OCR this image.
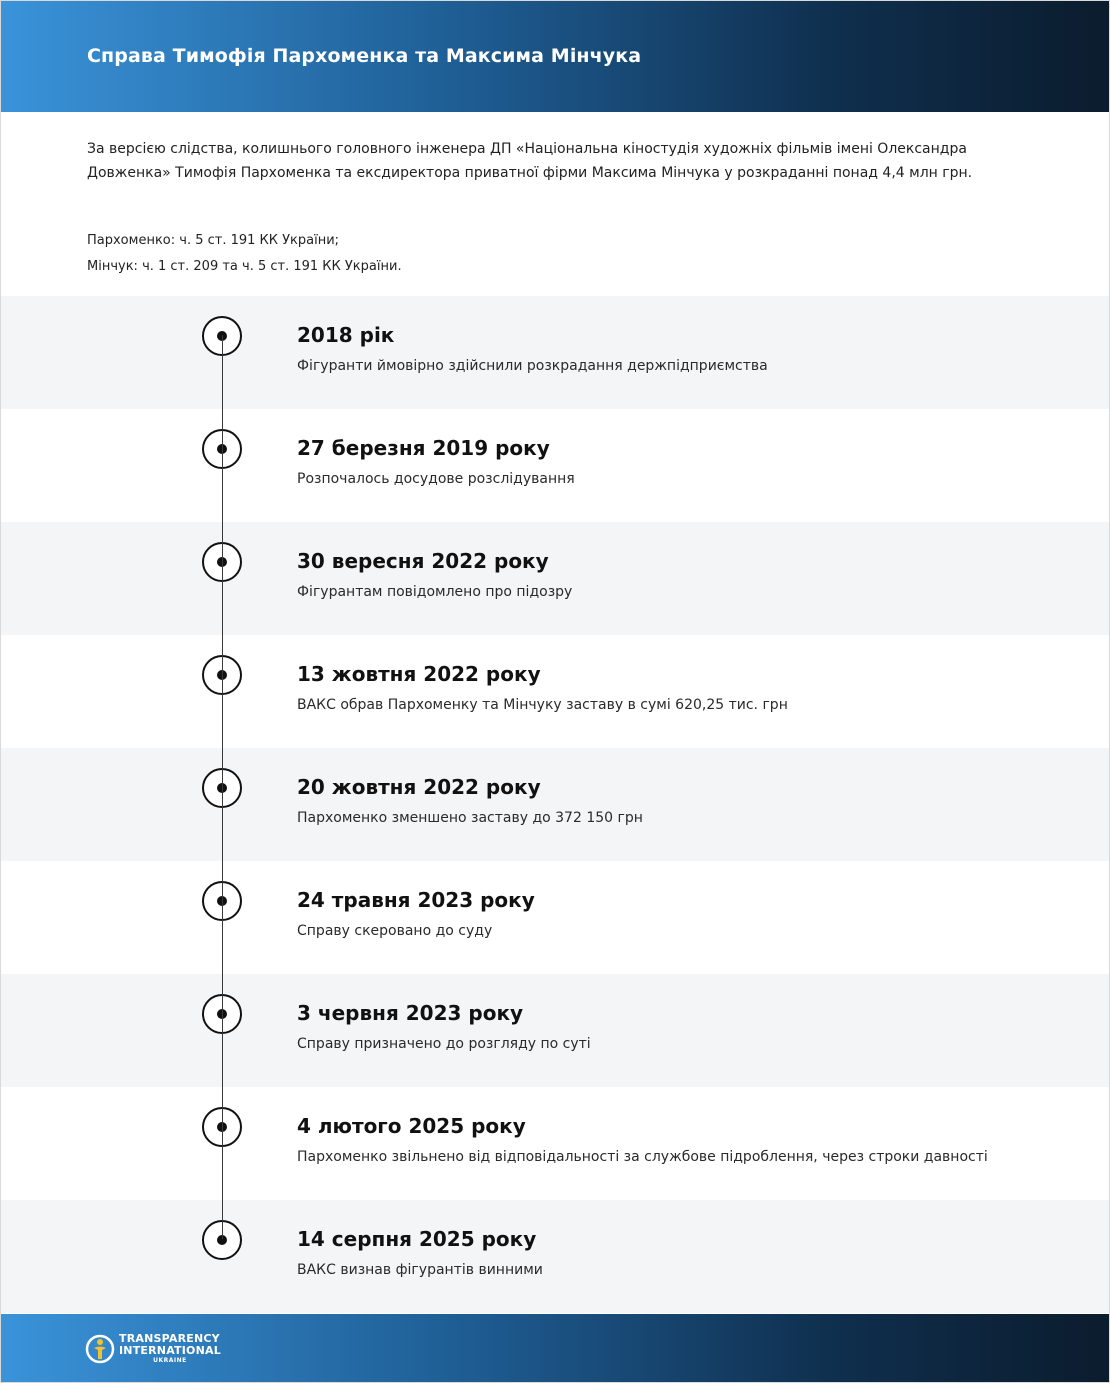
Справа Тимофія Пархоменка та Максима Мінчука
За версією слідства, колишнього головного інженера ДП «Національна кіностудія художніх фільмів імені Олександра
Довженка» Тимофія Пархоменка та ексдиректора приватної фірми Максима Мінчука у розкраданні понад 4,4 млн грн.
Пархоменко: ч. 5 ст. 191 КК України;
Мінчук: ч. 1 ст. 209 та ч. 5 ст. 191 КК України.
2018 рік
Фігуранти ймовірно здійснили розкрадання держпідприємства
27 березня 2019 року
Розпочалось досудове розслідування
30 вересня 2022 року
Фігурантам повідомлено про підозру
13 жовтня 2022 року
ВАКС обрав Пархоменку та Мінчуку заставу в сумі 620,25 тис. грн
20 жовтня 2022 року
Пархоменко зменшено заставу до 372 150 грн
24 травня 2023 року
Справу скеровано до суду
3 червня 2023 року
Справу призначено до розгляду по суті
4 лютого 2025 року
Пархоменко звільнено від відповідальності за службове підроблення, через строки давності
14 серпня 2025 року
ВАКС визнав фігурантів винними
TRANSPARENCY
INTERNATIONAL
UKRAINE
